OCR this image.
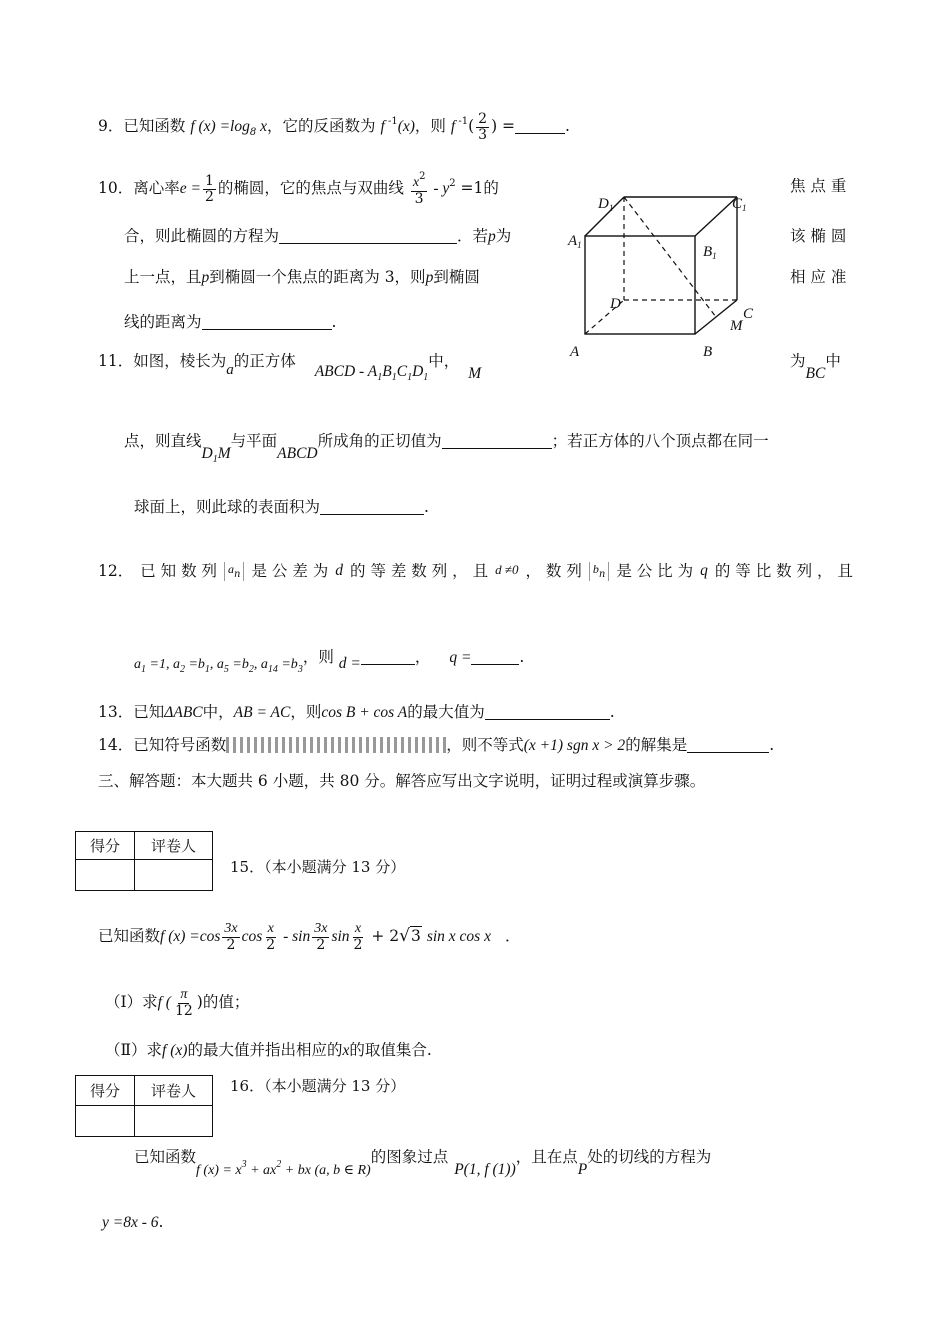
9．已知函数 f $(x) =\log_8$ x，它的反函数为 f $^{-1}$(x)，则 f $^{-1}( \frac{2}{3}$ ) =	.
10．离心率$e = \frac{1}{2}$ 的椭圆，它的焦点与双曲线 $\frac{x^2}{3} - y^2 =1$的	焦 点 重
合，则此椭圆的方程为	．若p为	该 椭 圆
上一点，且p到椭圆一个焦点的距离为 3，则p到椭圆	相 应 准
线的距离为	.
$D_1$	$C_1$
$A_1$	$B_1$
D
C
M
A	B
11．如图，棱长为a的正方体 ABCD - $A_1B_1C_1D_1$中， M
为BC中
点，则直线$D_1M$与平面ABCD所成角的正切值为	；若正方体的八个顶点都在同一
球面上，则此球的表面积为	.
12． 已 知 数 列 $a_n$ 是 公 差 为 d 的 等 差 数 列 ， 且 d ≠0 ， 数 列 $b_n$ 是 公 比 为 q 的 等 比 数 列 ， 且
$a_1 =1$, $a_2 =b_1$, $a_5 =b_2$, $a_{14} =b_3$，则 d =	， q =	.
13．已知ΔABC中，AB = AC，则cos B + cos A的最大值为	.
14．已知符号函数	，则不等式(x +1) sgn x > 2的解集是	.
三、解答题：本大题共 6 小题，共 80 分。解答应写出文字说明，证明过程或演算步骤。
得分	评卷人

15．（本小题满分 13 分）
已知函数f $(x) =\cos \frac{3x}{2}$ $\cos \frac{x}{2}$ - $\sin \frac{3x}{2}$ $\sin \frac{x}{2} + 2√3$ sin x cos x ．
（Ⅰ）求f ( $\frac{\pi}{12}$ )的值；
（Ⅱ）求f (x)的最大值并指出相应的x的取值集合.
得分	评卷人
	16．（本小题满分 13 分）
已知函数f $(x) = x^3 + ax^2$ + bx (a, b ∈ R)的图象过点P(1, f (1))，且在点P处的切线的方程为
y =8x - 6.
